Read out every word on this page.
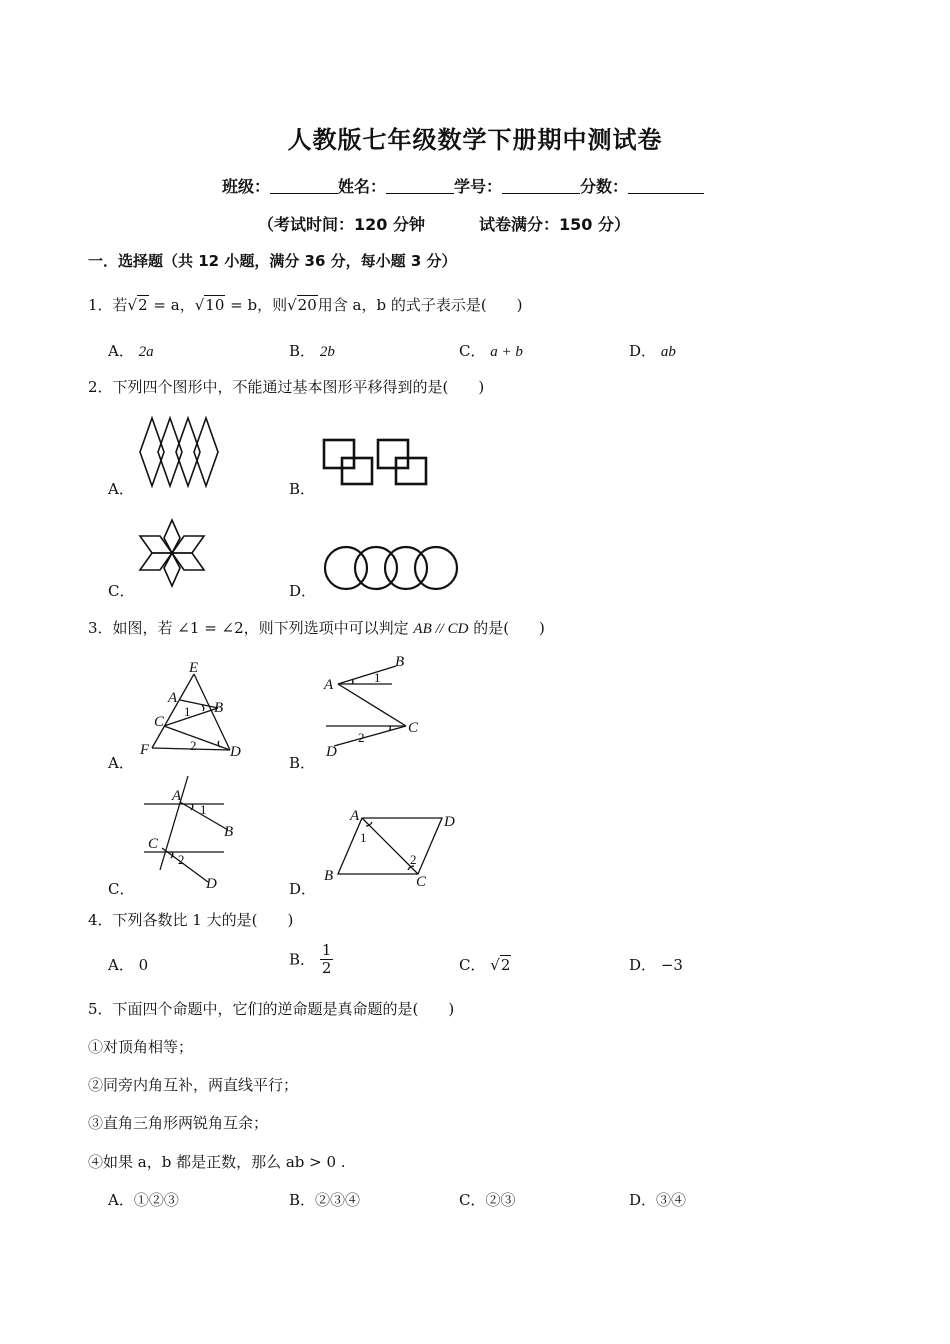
人教版七年级数学下册期中测试卷
班级：	姓名：	学号：	分数：
（考试时间：120 分钟	试卷满分：150 分）
一．选择题（共 12 小题，满分 36 分，每小题 3 分）
1．若√2 = a，√10 = b，则√20用含 a，b 的式子表示是(　　)
A． 2a	B． 2b	C． a + b	D． ab
2．下列四个图形中，不能通过基本图形平移得到的是(　　)
A．	B．
C．	D．
3．如图，若 ∠1 = ∠2，则下列选项中可以判定 AB // CD 的是(　　)
A．
E
A
B
C
F	D
1
2
B．
A
B
C
D
1
2
C．
A
B
C
D
1
2
D．
A	D
B	C
1
2
4．下列各数比 1 大的是(　　)
A． 0	B． $\frac{1}{2}$	C． √2	D． −3
5．下面四个命题中，它们的逆命题是真命题的是(　　)
①对顶角相等；
②同旁内角互补，两直线平行；
③直角三角形两锐角互余；
④如果 a，b 都是正数，那么 ab > 0 .
A．①②③	B．②③④	C．②③	D．③④
